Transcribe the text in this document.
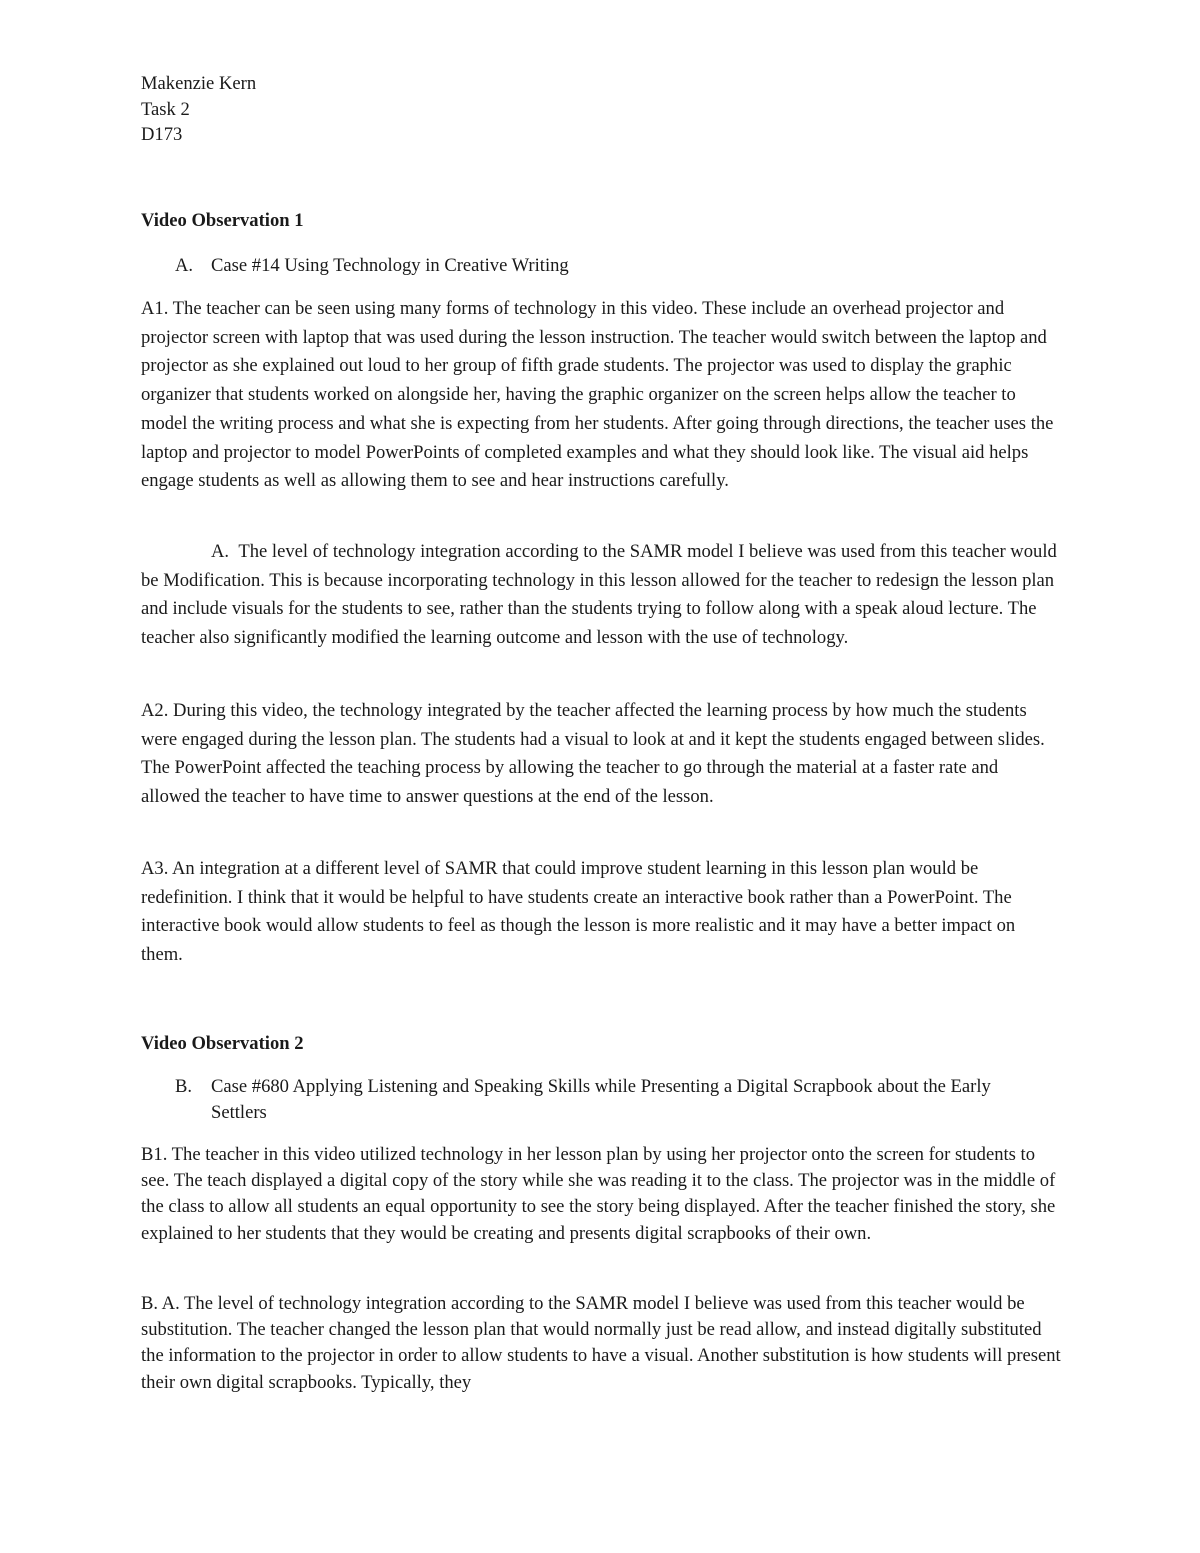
Makenzie Kern
Task 2
D173
Video Observation 1
A. Case #14 Using Technology in Creative Writing
A1. The teacher can be seen using many forms of technology in this video. These include an overhead projector and projector screen with laptop that was used during the lesson instruction. The teacher would switch between the laptop and projector as she explained out loud to her group of fifth grade students. The projector was used to display the graphic organizer that students worked on alongside her, having the graphic organizer on the screen helps allow the teacher to model the writing process and what she is expecting from her students. After going through directions, the teacher uses the laptop and projector to model PowerPoints of completed examples and what they should look like. The visual aid helps engage students as well as allowing them to see and hear instructions carefully.
A. The level of technology integration according to the SAMR model I believe was used from this teacher would be Modification. This is because incorporating technology in this lesson allowed for the teacher to redesign the lesson plan and include visuals for the students to see, rather than the students trying to follow along with a speak aloud lecture. The teacher also significantly modified the learning outcome and lesson with the use of technology.
A2. During this video, the technology integrated by the teacher affected the learning process by how much the students were engaged during the lesson plan. The students had a visual to look at and it kept the students engaged between slides. The PowerPoint affected the teaching process by allowing the teacher to go through the material at a faster rate and allowed the teacher to have time to answer questions at the end of the lesson.
A3. An integration at a different level of SAMR that could improve student learning in this lesson plan would be redefinition. I think that it would be helpful to have students create an interactive book rather than a PowerPoint. The interactive book would allow students to feel as though the lesson is more realistic and it may have a better impact on them.
Video Observation 2
B. Case #680 Applying Listening and Speaking Skills while Presenting a Digital Scrapbook about the Early Settlers
B1. The teacher in this video utilized technology in her lesson plan by using her projector onto the screen for students to see. The teach displayed a digital copy of the story while she was reading it to the class. The projector was in the middle of the class to allow all students an equal opportunity to see the story being displayed. After the teacher finished the story, she explained to her students that they would be creating and presents digital scrapbooks of their own.
B. A. The level of technology integration according to the SAMR model I believe was used from this teacher would be substitution. The teacher changed the lesson plan that would normally just be read allow, and instead digitally substituted the information to the projector in order to allow students to have a visual. Another substitution is how students will present their own digital scrapbooks. Typically, they
